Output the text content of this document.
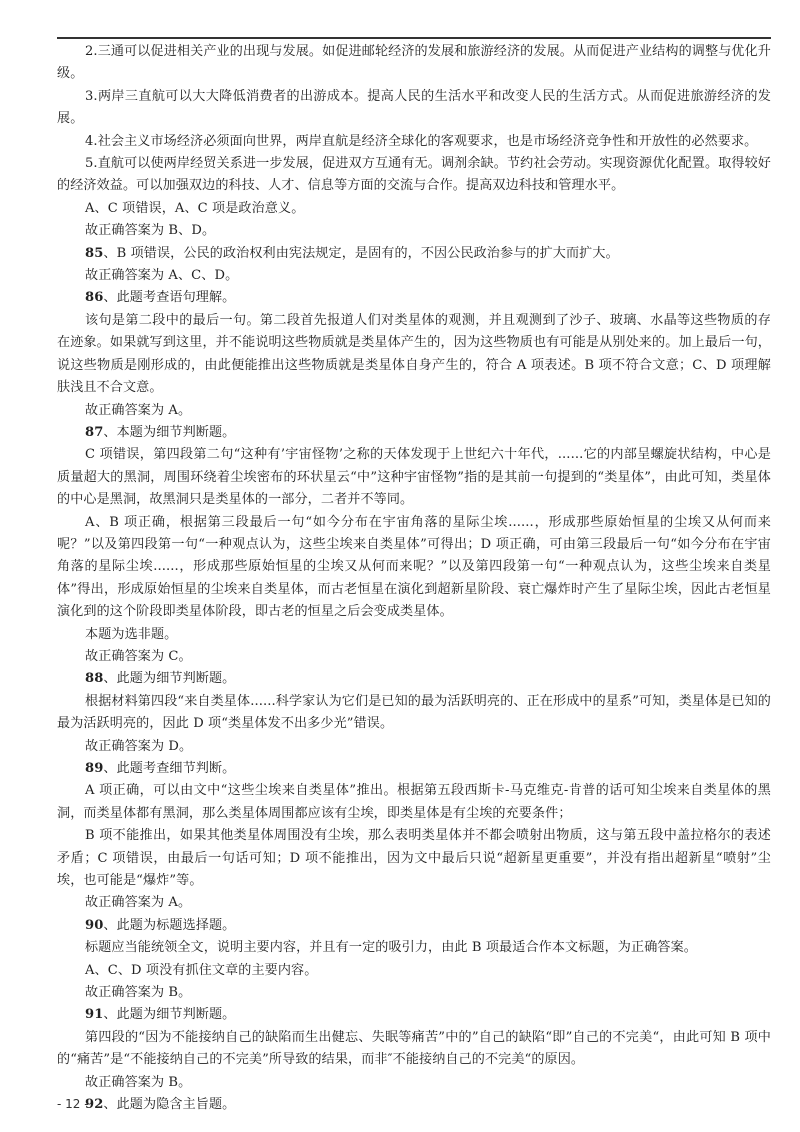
2.三通可以促进相关产业的出现与发展。如促进邮轮经济的发展和旅游经济的发展。从而促进产业结构的调整与优化升级。

3.两岸三直航可以大大降低消费者的出游成本。提高人民的生活水平和改变人民的生活方式。从而促进旅游经济的发展。

4.社会主义市场经济必须面向世界，两岸直航是经济全球化的客观要求，也是市场经济竞争性和开放性的必然要求。

5.直航可以使两岸经贸关系进一步发展，促进双方互通有无。调剂余缺。节约社会劳动。实现资源优化配置。取得较好的经济效益。可以加强双边的科技、人才、信息等方面的交流与合作。提高双边科技和管理水平。

A、C 项错误，A、C 项是政治意义。

故正确答案为 B、D。

85、B 项错误，公民的政治权利由宪法规定，是固有的，不因公民政治参与的扩大而扩大。

故正确答案为 A、C、D。

86、此题考查语句理解。

该句是第二段中的最后一句。第二段首先报道人们对类星体的观测，并且观测到了沙子、玻璃、水晶等这些物质的存在迹象。如果就写到这里，并不能说明这些物质就是类星体产生的，因为这些物质也有可能是从别处来的。加上最后一句，说这些物质是刚形成的，由此便能推出这些物质就是类星体自身产生的，符合 A 项表述。B 项不符合文意；C、D 项理解肤浅且不合文意。

故正确答案为 A。

87、本题为细节判断题。

C 项错误，第四段第二句“这种有’宇宙怪物’之称的天体发现于上世纪六十年代，......它的内部呈螺旋状结构，中心是质量超大的黑洞，周围环绕着尘埃密布的环状星云“中”这种宇宙怪物”指的是其前一句提到的“类星体”，由此可知，类星体的中心是黑洞，故黑洞只是类星体的一部分，二者并不等同。

A、B 项正确，根据第三段最后一句“如今分布在宇宙角落的星际尘埃......，形成那些原始恒星的尘埃又从何而来呢？”以及第四段第一句“一种观点认为，这些尘埃来自类星体”可得出；D 项正确，可由第三段最后一句“如今分布在宇宙角落的星际尘埃......，形成那些原始恒星的尘埃又从何而来呢？”以及第四段第一句“一种观点认为，这些尘埃来自类星体”得出，形成原始恒星的尘埃来自类星体，而古老恒星在演化到超新星阶段、衰亡爆炸时产生了星际尘埃，因此古老恒星演化到的这个阶段即类星体阶段，即古老的恒星之后会变成类星体。

本题为选非题。

故正确答案为 C。

88、此题为细节判断题。

根据材料第四段“来自类星体......科学家认为它们是已知的最为活跃明亮的、正在形成中的星系”可知，类星体是已知的最为活跃明亮的，因此 D 项“类星体发不出多少光”错误。

故正确答案为 D。

89、此题考查细节判断。

A 项正确，可以由文中“这些尘埃来自类星体”推出。根据第五段西斯卡-马克维克-肯普的话可知尘埃来自类星体的黑洞，而类星体都有黑洞，那么类星体周围都应该有尘埃，即类星体是有尘埃的充要条件；

B 项不能推出，如果其他类星体周围没有尘埃，那么表明类星体并不都会喷射出物质，这与第五段中盖拉格尔的表述矛盾；C 项错误，由最后一句话可知；D 项不能推出，因为文中最后只说“超新星更重要”，并没有指出超新星“喷射”尘埃，也可能是“爆炸”等。

故正确答案为 A。

90、此题为标题选择题。

标题应当能统领全文，说明主要内容，并且有一定的吸引力，由此 B 项最适合作本文标题，为正确答案。

A、C、D 项没有抓住文章的主要内容。

故正确答案为 B。

91、此题为细节判断题。

第四段的“因为不能接纳自己的缺陷而生出健忘、失眠等痛苦”中的”自己的缺陷“即”自己的不完美“，由此可知 B 项中的“痛苦”是“不能接纳自己的不完美”所导致的结果，而非″不能接纳自己的不完美“的原因。

故正确答案为 B。

92、此题为隐含主旨题。

- 12 -
